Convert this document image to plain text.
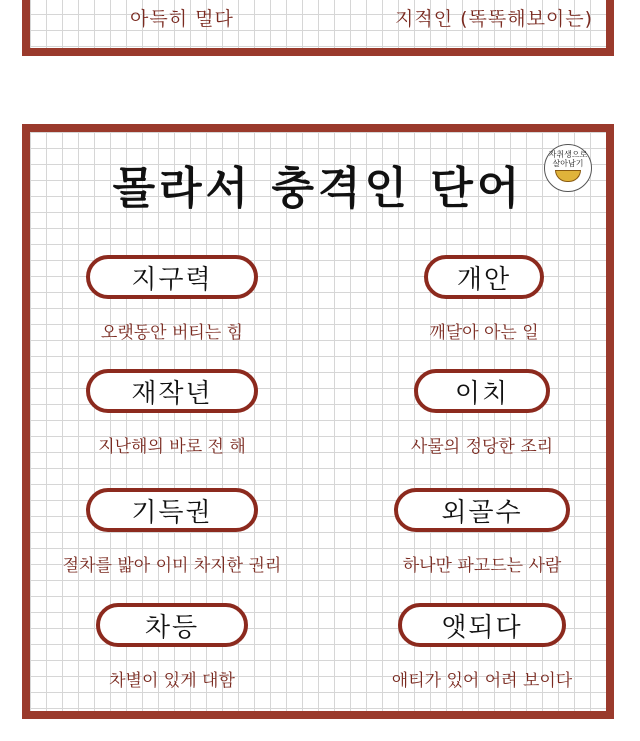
아득히 멀다	지적인 (똑똑해보이는)
몰라서 충격인 단어
자취생으로
살아남기
지구력
오랫동안 버티는 힘
개안
깨달아 아는 일
재작년
지난해의 바로 전 해
이치
사물의 정당한 조리
기득권
절차를 밟아 이미 차지한 권리
외골수
하나만 파고드는 사람
차등
차별이 있게 대함
앳되다
애티가 있어 어려 보이다
